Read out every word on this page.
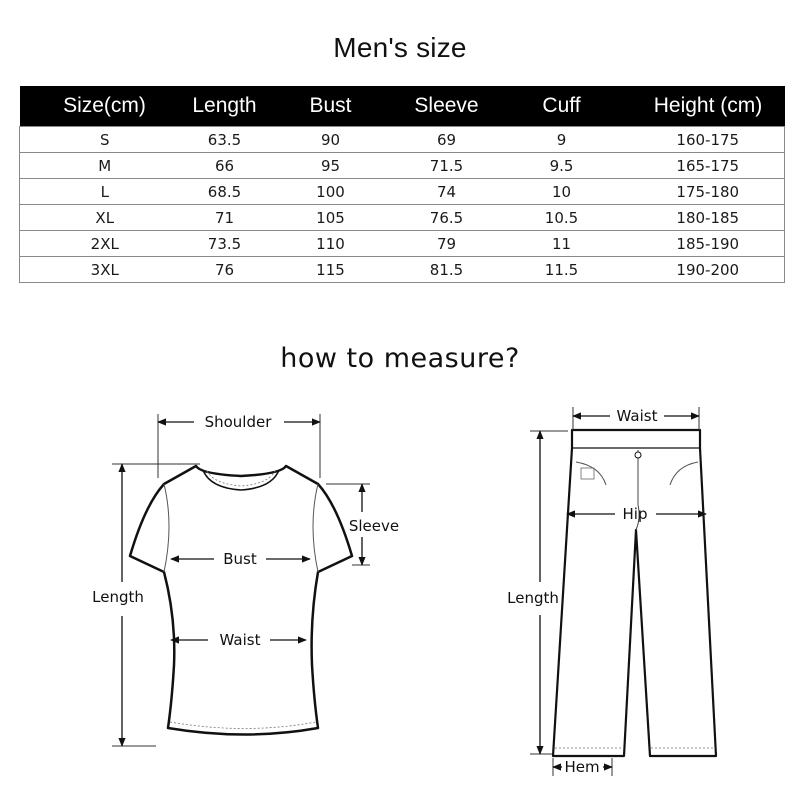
Men's size
Size(cm)	Length	Bust	Sleeve	Cuff	Height (cm)
S	63.5	90	69	9	160-175
M	66	95	71.5	9.5	165-175
L	68.5	100	74	10	175-180
XL	71	105	76.5	10.5	180-185
2XL	73.5	110	79	11	185-190
3XL	76	115	81.5	11.5	190-200
how to measure?
Shoulder
Sleeve
Bust
Waist
Length
Waist
Hip
Length
Hem
